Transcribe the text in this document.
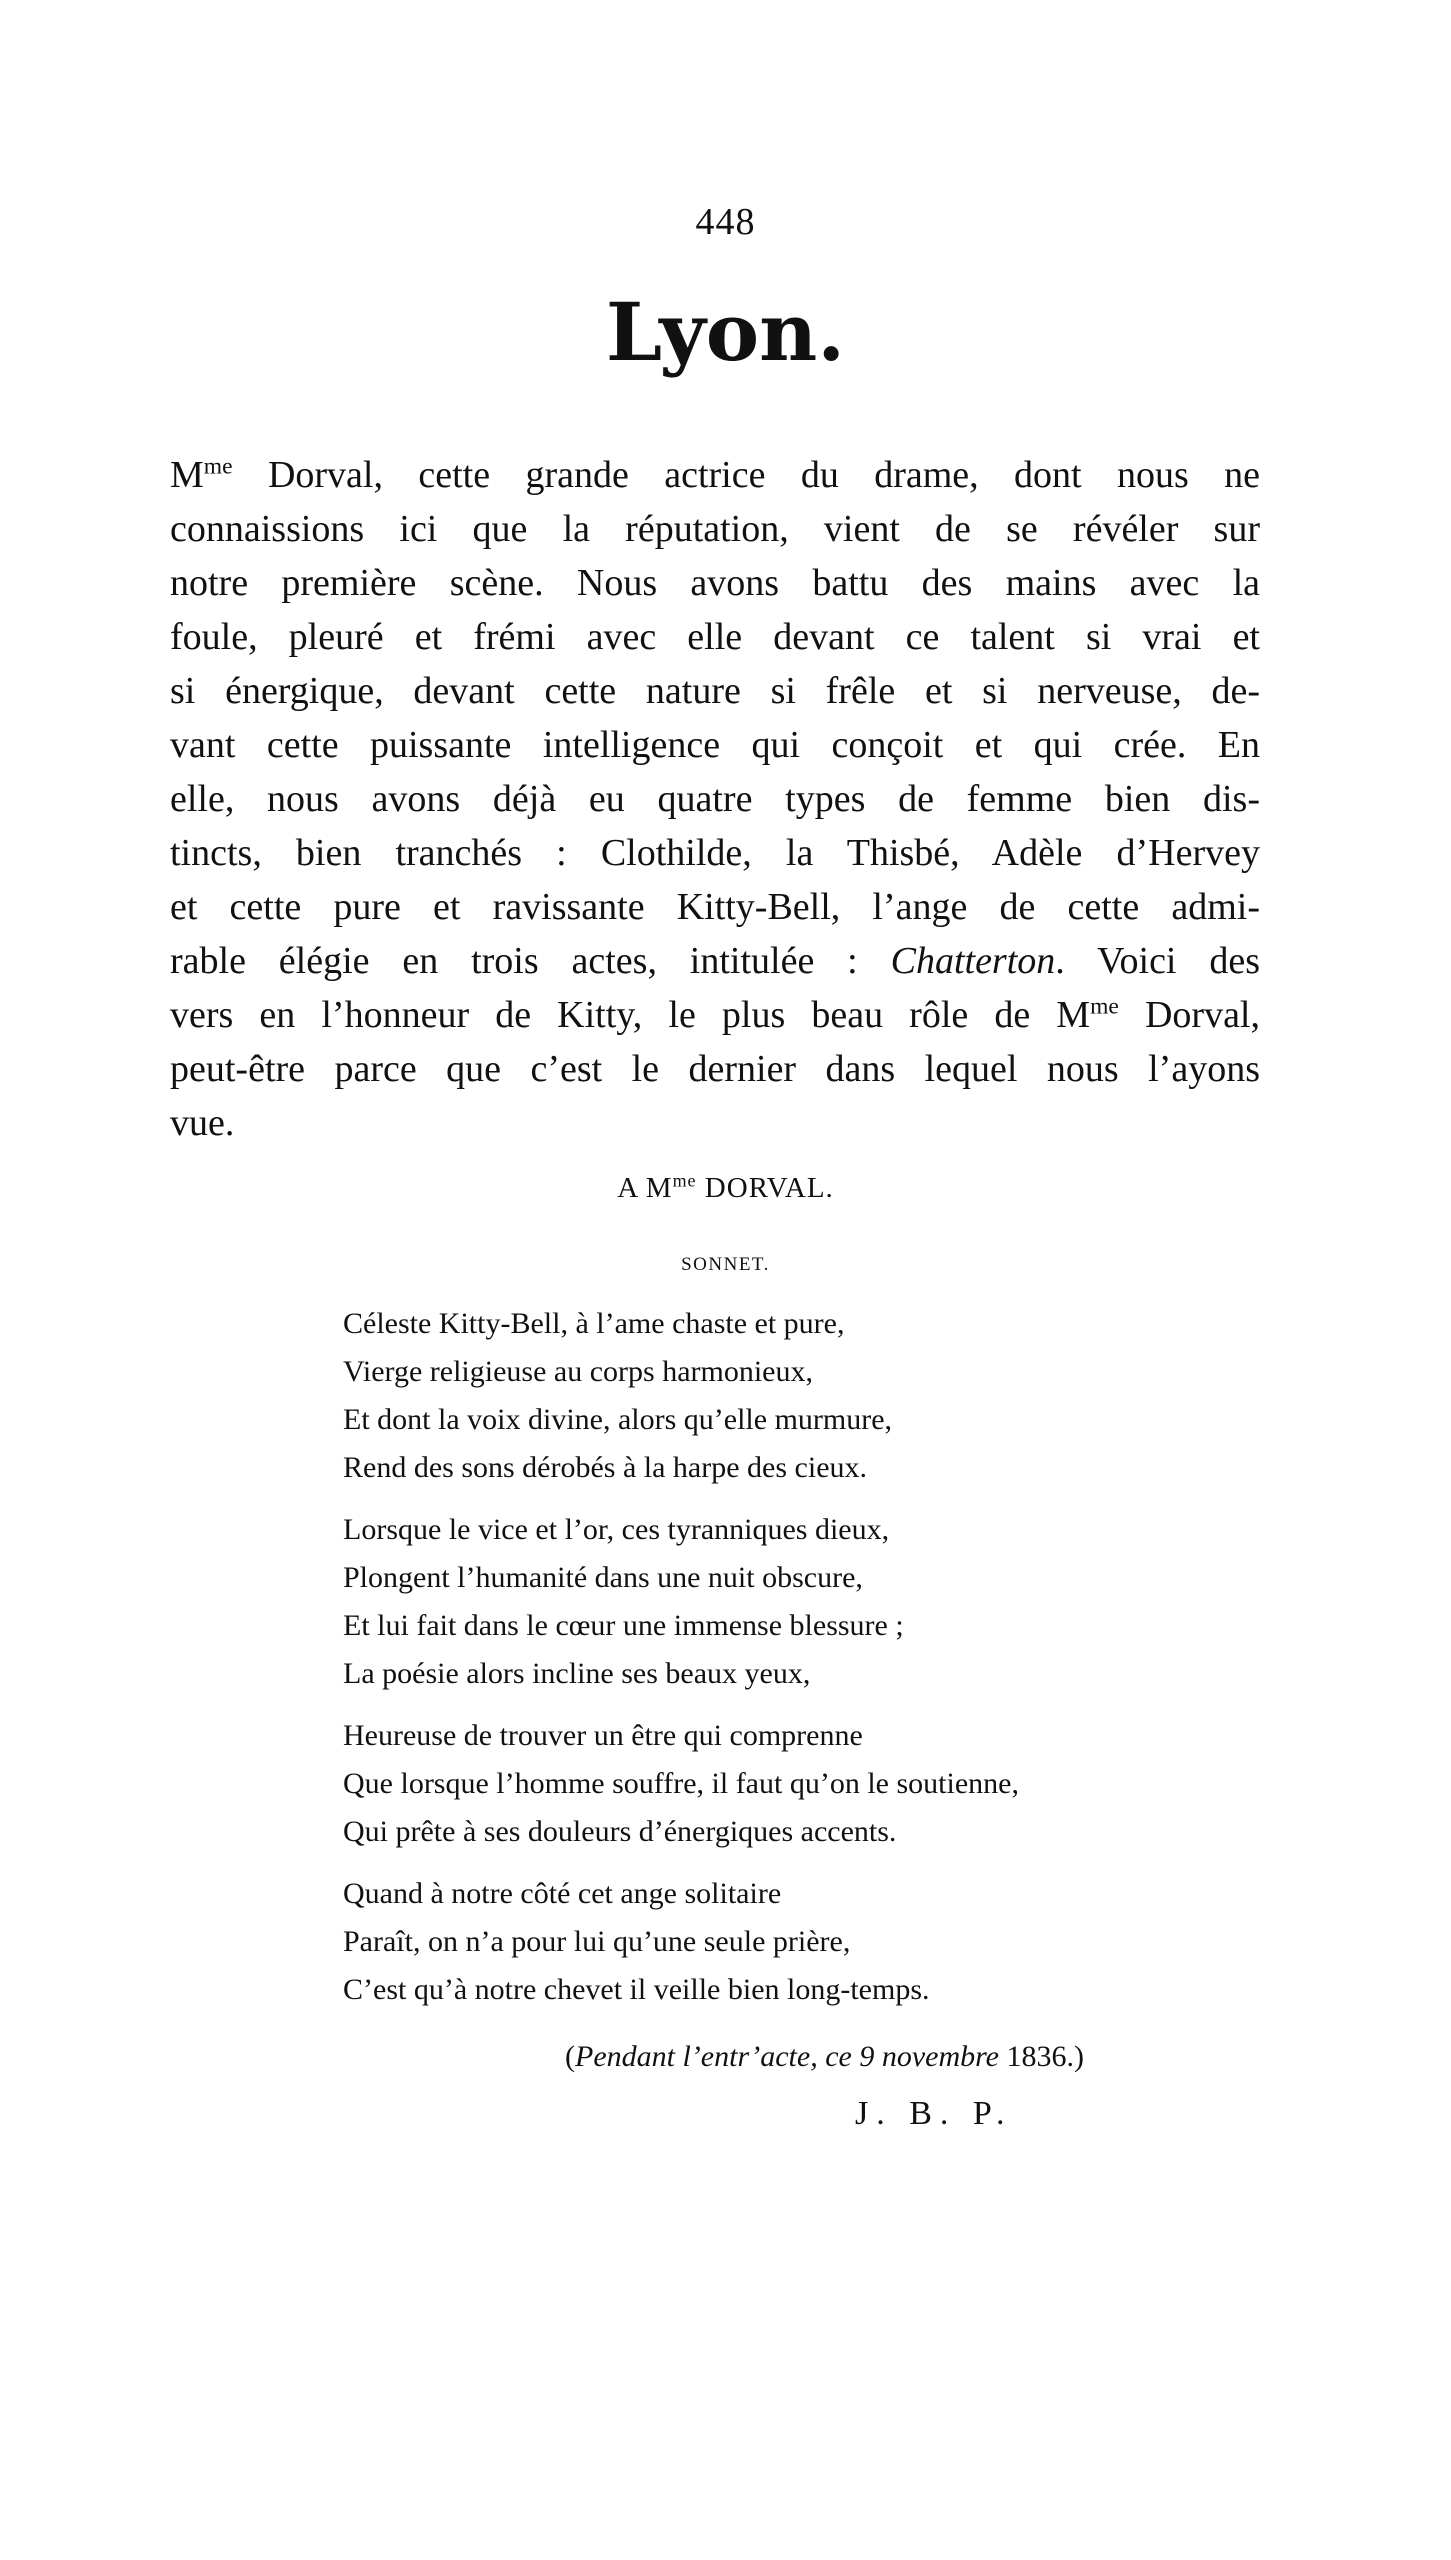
448
Lyon.
$M^{me}$ Dorval, cette grande actrice du drame, dont nous ne
connaissions ici que la réputation, vient de se révéler sur
notre première scène. Nous avons battu des mains avec la
foule, pleuré et frémi avec elle devant ce talent si vrai et
si énergique, devant cette nature si frêle et si nerveuse, de-
vant cette puissante intelligence qui conçoit et qui crée. En
elle, nous avons déjà eu quatre types de femme bien dis-
tincts, bien tranchés : Clothilde, la Thisbé, Adèle d’Hervey
et cette pure et ravissante Kitty-Bell, l’ange de cette admi-
rable élégie en trois actes, intitulée : Chatterton. Voici des
vers en l’honneur de Kitty, le plus beau rôle de $M^{me}$ Dorval,
peut-être parce que c’est le dernier dans lequel nous l’ayons
vue.
A $M^{me}$ DORVAL.
SONNET.
Céleste Kitty-Bell, à l’ame chaste et pure,
Vierge religieuse au corps harmonieux,
Et dont la voix divine, alors qu’elle murmure,
Rend des sons dérobés à la harpe des cieux.
Lorsque le vice et l’or, ces tyranniques dieux,
Plongent l’humanité dans une nuit obscure,
Et lui fait dans le cœur une immense blessure ;
La poésie alors incline ses beaux yeux,
Heureuse de trouver un être qui comprenne
Que lorsque l’homme souffre, il faut qu’on le soutienne,
Qui prête à ses douleurs d’énergiques accents.
Quand à notre côté cet ange solitaire
Paraît, on n’a pour lui qu’une seule prière,
C’est qu’à notre chevet il veille bien long-temps.
(Pendant l’entr’acte, ce 9 novembre 1836.)
J. B. P.
